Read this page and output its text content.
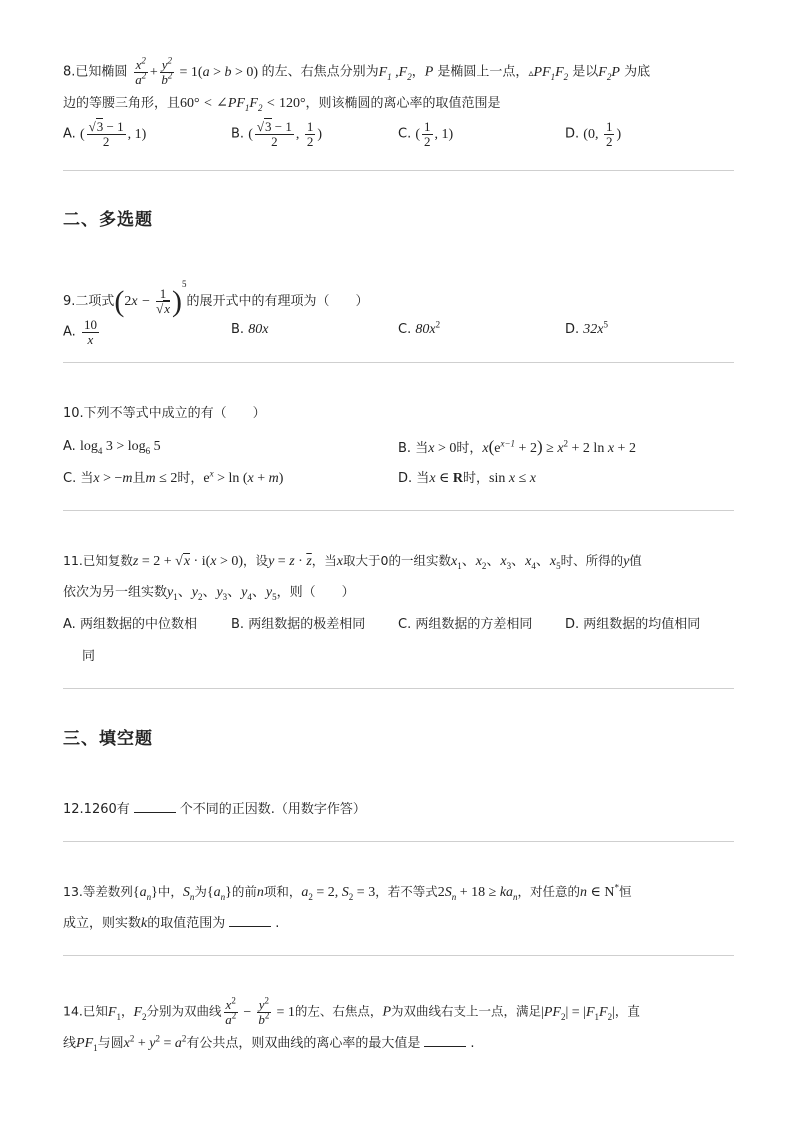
8.已知椭圆 $\frac{x^2}{a^2} + \frac{y^2}{b^2} = 1(a > b > 0)$ 的左、右焦点分别为$F_1$ $,F_2$，P 是椭圆上一点，$▵PF_1F_2$ 是以$F_2P$ 为底
边的等腰三角形，且$60^\circ < \angle PF_1F_2 < 120^\circ$，则该椭圆的离心率的取值范围是
A. ( $\frac{√3 - 1}{2}$ , 1)	B. ( $\frac{√3 - 1}{2}$ , $\frac{1}{2}$ )	C. ( $\frac{1}{2}$ , 1)	D. (0, $\frac{1}{2}$ )
二、多选题
9.二项式$(2x - \frac{1}{√x} )^5$的展开式中的有理项为（　　）
A. $\frac{10}{x}$	B. 80x	C. $80x^2$	D. $32x^5$
10.下列不等式中成立的有（　　）
A. $\log_4 3 > \log_6 5$	B. 当x > 0时，$x(e^{x-1} + 2) \ge x^2 + 2$ ln x + 2
C. 当x > −m且m ≤ 2时，$e^x > \ln (x + m)$	D. 当x ∈ R时，sin x ≤ x
11.已知复数z = 2 + √x · i(x > 0)，设$y = z \cdot \overline{z}$，当x取大于0的一组实数$x_1$、$x_2$、$x_3$、$x_4$、$x_5$时、所得的y值
依次为另一组实数$y_1$、$y_2$、$y_3$、$y_4$、$y_5$，则（　　）
A. 两组数据的中位数相	B. 两组数据的极差相同	C. 两组数据的方差相同	D. 两组数据的均值相同
同
三、填空题
12.1260有	个不同的正因数.（用数字作答）
13.等差数列$\{a_n\}$中，$S_n$为$\{a_n\}$的前n项和，$a_2 = 2$, $S_2 = 3$，若不等式$2S_n + 18 \ge ka_n$，对任意的n ∈ N*恒
成立，则实数k的取值范围为	.
14.已知$F_1$，$F_2$分别为双曲线 $\frac{x^2}{a^2} - \frac{y^2}{b^2} = 1$的左、右焦点，P为双曲线右支上一点，满足$|PF_2| = |F_1F_2|$，直
线$PF_1$与圆$x^2 + y^2 = a^2$有公共点，则双曲线的离心率的最大值是	.
